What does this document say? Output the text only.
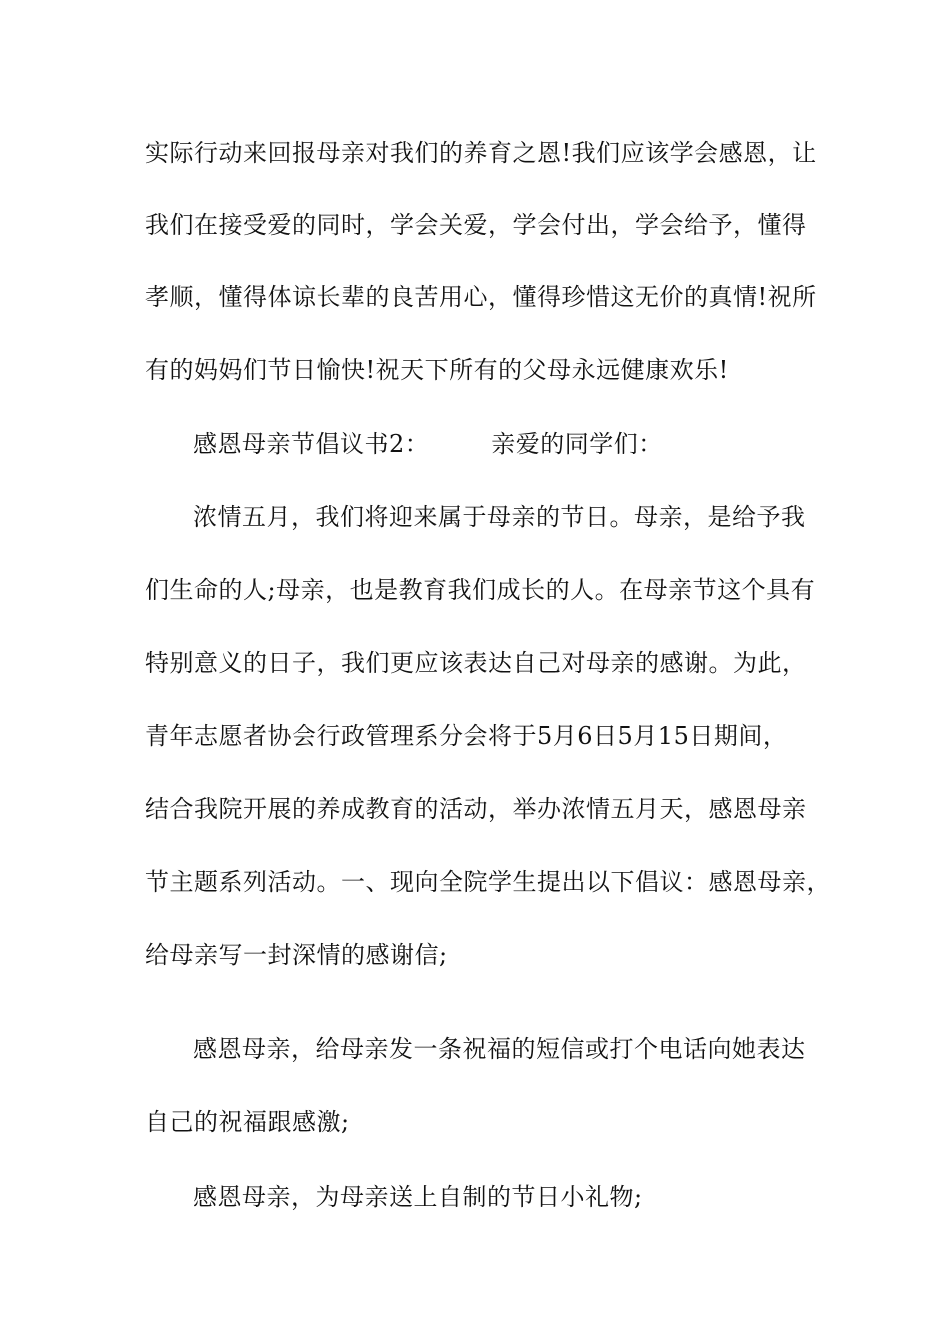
实际行动来回报母亲对我们的养育之恩!我们应该学会感恩，让
我们在接受爱的同时，学会关爱，学会付出，学会给予，懂得
孝顺，懂得体谅长辈的良苦用心，懂得珍惜这无价的真情!祝所
有的妈妈们节日愉快!祝天下所有的父母永远健康欢乐!
感恩母亲节倡议书2：	亲爱的同学们：
浓情五月，我们将迎来属于母亲的节日。母亲，是给予我
们生命的人;母亲，也是教育我们成长的人。在母亲节这个具有
特别意义的日子，我们更应该表达自己对母亲的感谢。为此，
青年志愿者协会行政管理系分会将于5月6日5月15日期间，
结合我院开展的养成教育的活动，举办浓情五月天，感恩母亲
节主题系列活动。一、现向全院学生提出以下倡议：感恩母亲，
给母亲写一封深情的感谢信;
感恩母亲，给母亲发一条祝福的短信或打个电话向她表达
自己的祝福跟感激;
感恩母亲，为母亲送上自制的节日小礼物;
